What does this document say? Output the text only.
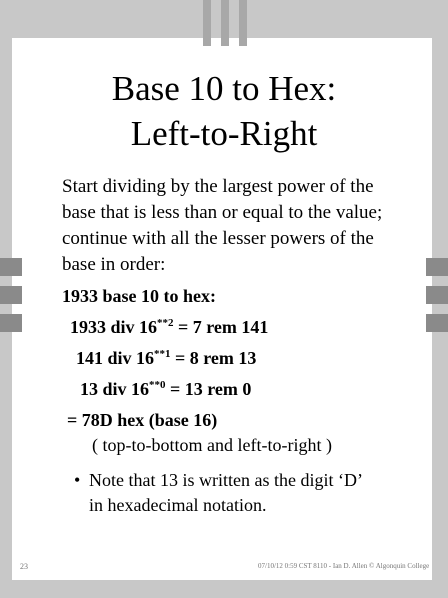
Base 10 to Hex:
Left-to-Right
Start dividing by the largest power of the
base that is less than or equal to the value;
continue with all the lesser powers of the
base in order:
1933 base 10 to hex:
1933 div $16^{**2} = 7$ rem 141
141 div $16^{**1} = 8$ rem 13
13 div $16^{**0} = 13$ rem 0
= 78D hex (base 16)
( top-to-bottom and left-to-right )
• Note that 13 is written as the digit ‘D’
in hexadecimal notation.
23	07/10/12 0:59 CST 8110 - Ian D. Allen © Algonquin College
